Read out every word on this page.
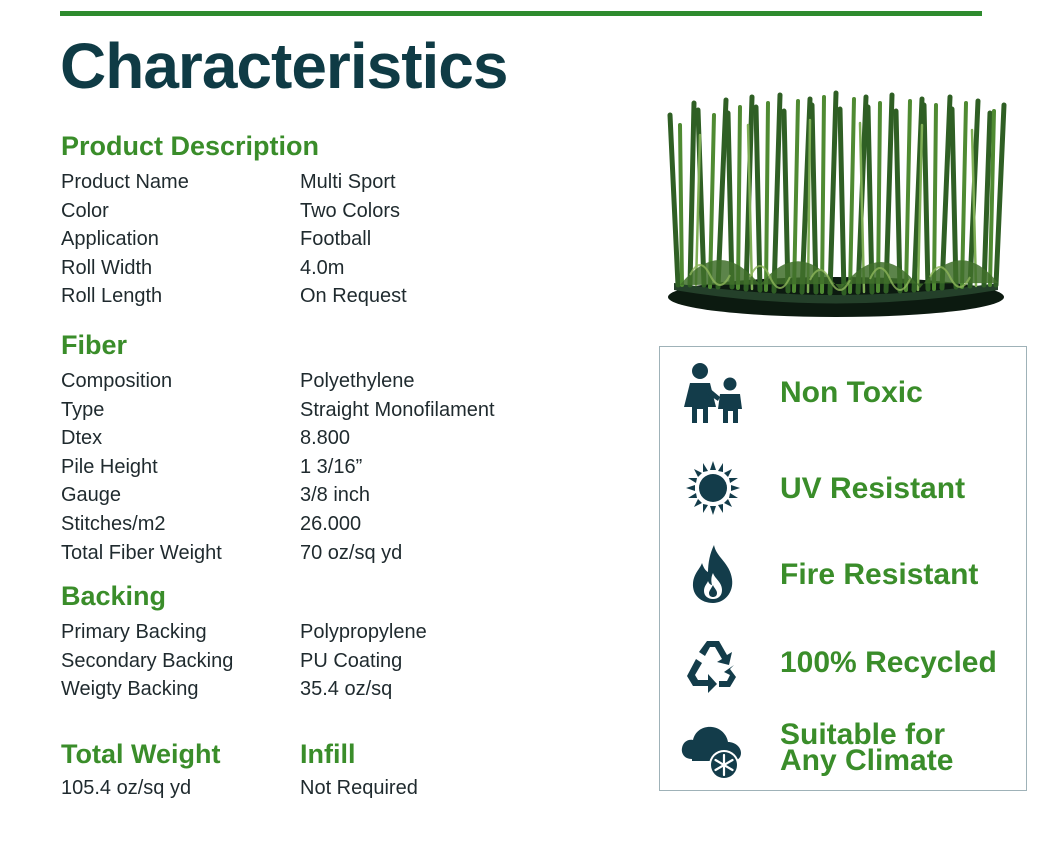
Characteristics
Product Description
Product Name	Multi Sport
Color	Two Colors
Application	Football
Roll Width	4.0m
Roll Length	On Request
Fiber
Composition	Polyethylene
Type	Straight Monofilament
Dtex	8.800
Pile Height	1 3/16”
Gauge	3/8 inch
Stitches/m2	26.000
Total Fiber Weight	70 oz/sq yd
Backing
Primary Backing	Polypropylene
Secondary Backing	PU Coating
Weigty Backing	35.4 oz/sq
Total Weight
105.4 oz/sq yd
Infill
Not Required
Non Toxic
UV Resistant
Fire Resistant
100% Recycled
Suitable for
Any Climate
